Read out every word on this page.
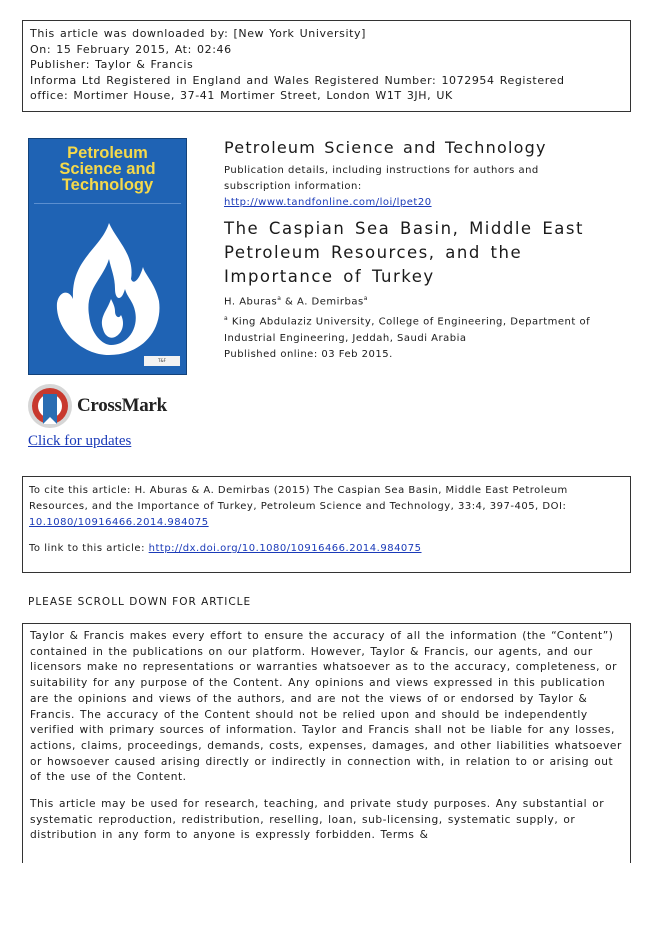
This article was downloaded by: [New York University]
On: 15 February 2015, At: 02:46
Publisher: Taylor & Francis
Informa Ltd Registered in England and Wales Registered Number: 1072954 Registered
office: Mortimer House, 37-41 Mortimer Street, London W1T 3JH, UK
Petroleum
Science and
Technology
T&F
CrossMark
Click for updates
Petroleum Science and Technology
Publication details, including instructions for authors and
subscription information:
http://www.tandfonline.com/loi/lpet20
The Caspian Sea Basin, Middle East
Petroleum Resources, and the
Importance of Turkey
H. Aburas$^a$ & A. Demirbas$^a$
$^a$ King Abdulaziz University, College of Engineering, Department of
Industrial Engineering, Jeddah, Saudi Arabia
Published online: 03 Feb 2015.
To cite this article: H. Aburas & A. Demirbas (2015) The Caspian Sea Basin, Middle East Petroleum
Resources, and the Importance of Turkey, Petroleum Science and Technology, 33:4, 397-405, DOI:
10.1080/10916466.2014.984075
To link to this article: http://dx.doi.org/10.1080/10916466.2014.984075
PLEASE SCROLL DOWN FOR ARTICLE

Taylor & Francis makes every effort to ensure the accuracy of all the information (the “Content”) contained in the publications on our platform. However, Taylor & Francis, our agents, and our licensors make no representations or warranties whatsoever as to the accuracy, completeness, or suitability for any purpose of the Content. Any opinions and views expressed in this publication are the opinions and views of the authors, and are not the views of or endorsed by Taylor & Francis. The accuracy of the Content should not be relied upon and should be independently verified with primary sources of information. Taylor and Francis shall not be liable for any losses, actions, claims, proceedings, demands, costs, expenses, damages, and other liabilities whatsoever or howsoever caused arising directly or indirectly in connection with, in relation to or arising out of the use of the Content.

This article may be used for research, teaching, and private study purposes. Any substantial or systematic reproduction, redistribution, reselling, loan, sub-licensing, systematic supply, or distribution in any form to anyone is expressly forbidden. Terms &
